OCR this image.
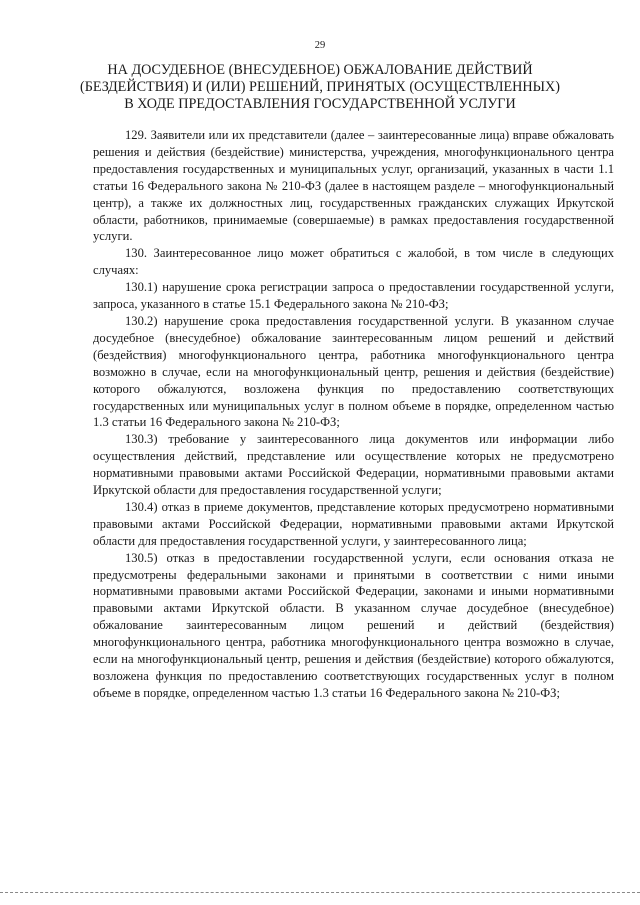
29
НА ДОСУДЕБНОЕ (ВНЕСУДЕБНОЕ) ОБЖАЛОВАНИЕ ДЕЙСТВИЙ
(БЕЗДЕЙСТВИЯ) И (ИЛИ) РЕШЕНИЙ, ПРИНЯТЫХ (ОСУЩЕСТВЛЕННЫХ)
В ХОДЕ ПРЕДОСТАВЛЕНИЯ ГОСУДАРСТВЕННОЙ УСЛУГИ

129. Заявители или их представители (далее – заинтересованные лица) вправе обжаловать решения и действия (бездействие) министерства, учреждения, многофункционального центра предоставления государственных и муниципальных услуг, организаций, указанных в части 1.1 статьи 16 Федерального закона № 210-ФЗ (далее в настоящем разделе – многофункциональный центр), а также их должностных лиц, государственных гражданских служащих Иркутской области, работников, принимаемые (совершаемые) в рамках предоставления государственной услуги.

130. Заинтересованное лицо может обратиться с жалобой, в том числе в следующих случаях:

130.1) нарушение срока регистрации запроса о предоставлении государственной услуги, запроса, указанного в статье 15.1 Федерального закона № 210-ФЗ;

130.2) нарушение срока предоставления государственной услуги. В указанном случае досудебное (внесудебное) обжалование заинтересованным лицом решений и действий (бездействия) многофункционального центра, работника многофункционального центра возможно в случае, если на многофункциональный центр, решения и действия (бездействие) которого обжалуются, возложена функция по предоставлению соответствующих государственных или муниципальных услуг в полном объеме в порядке, определенном частью 1.3 статьи 16 Федерального закона № 210-ФЗ;

130.3) требование у заинтересованного лица документов или информации либо осуществления действий, представление или осуществление которых не предусмотрено нормативными правовыми актами Российской Федерации, нормативными правовыми актами Иркутской области для предоставления государственной услуги;

130.4) отказ в приеме документов, представление которых предусмотрено нормативными правовыми актами Российской Федерации, нормативными правовыми актами Иркутской области для предоставления государственной услуги, у заинтересованного лица;

130.5) отказ в предоставлении государственной услуги, если основания отказа не предусмотрены федеральными законами и принятыми в соответствии с ними иными нормативными правовыми актами Российской Федерации, законами и иными нормативными правовыми актами Иркутской области. В указанном случае досудебное (внесудебное) обжалование заинтересованным лицом решений и действий (бездействия) многофункционального центра, работника многофункционального центра возможно в случае, если на многофункциональный центр, решения и действия (бездействие) которого обжалуются, возложена функция по предоставлению соответствующих государственных услуг в полном объеме в порядке, определенном частью 1.3 статьи 16 Федерального закона № 210-ФЗ;
